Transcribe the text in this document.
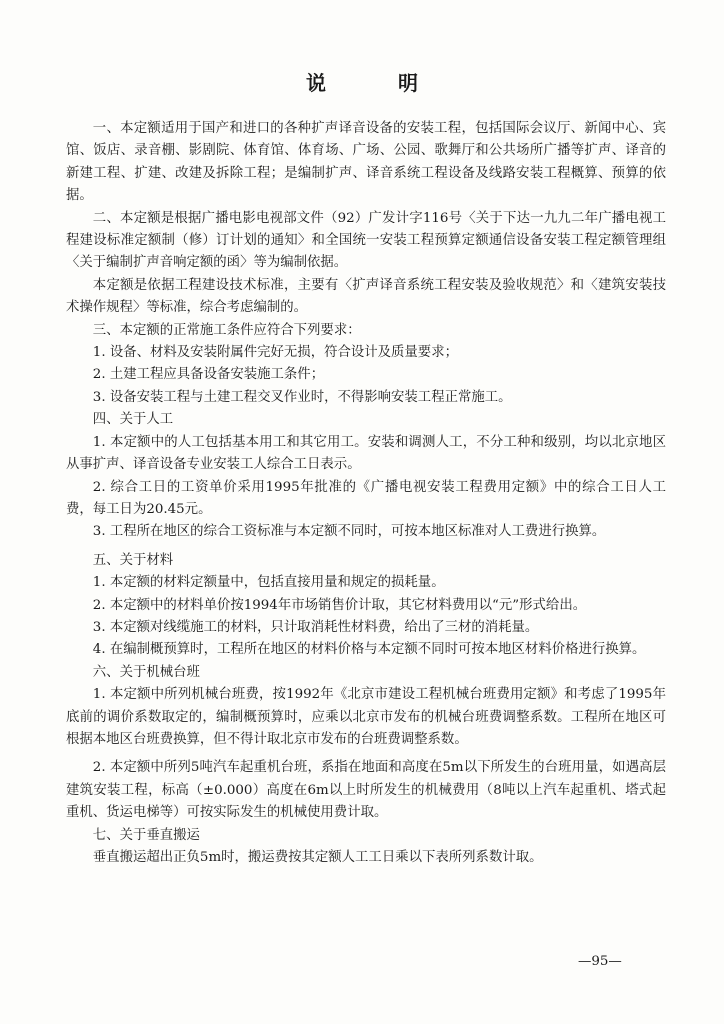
说　明

一、本定额适用于国产和进口的各种扩声译音设备的安装工程，包括国际会议厅、新闻中心、宾馆、饭店、录音棚、影剧院、体育馆、体育场、广场、公园、歌舞厅和公共场所广播等扩声、译音的新建工程、扩建、改建及拆除工程；是编制扩声、译音系统工程设备及线路安装工程概算、预算的依据。

二、本定额是根据广播电影电视部文件（92）广发计字116号〈关于下达一九九二年广播电视工程建设标准定额制（修）订计划的通知〉和全国统一安装工程预算定额通信设备安装工程定额管理组〈关于编制扩声音响定额的函〉等为编制依据。

本定额是依据工程建设技术标准，主要有〈扩声译音系统工程安装及验收规范〉和〈建筑安装技术操作规程〉等标准，综合考虑编制的。

三、本定额的正常施工条件应符合下列要求：

1. 设备、材料及安装附属件完好无损，符合设计及质量要求；

2. 土建工程应具备设备安装施工条件；

3. 设备安装工程与土建工程交叉作业时，不得影响安装工程正常施工。

四、关于人工

1. 本定额中的人工包括基本用工和其它用工。安装和调测人工，不分工种和级别，均以北京地区从事扩声、译音设备专业安装工人综合工日表示。

2. 综合工日的工资单价采用1995年批准的《广播电视安装工程费用定额》中的综合工日人工费，每工日为20.45元。

3. 工程所在地区的综合工资标准与本定额不同时，可按本地区标准对人工费进行换算。

五、关于材料

1. 本定额的材料定额量中，包括直接用量和规定的损耗量。

2. 本定额中的材料单价按1994年市场销售价计取，其它材料费用以“元”形式给出。

3. 本定额对线缆施工的材料，只计取消耗性材料费，给出了三材的消耗量。

4. 在编制概预算时，工程所在地区的材料价格与本定额不同时可按本地区材料价格进行换算。

六、关于机械台班

1. 本定额中所列机械台班费，按1992年《北京市建设工程机械台班费用定额》和考虑了1995年底前的调价系数取定的，编制概预算时，应乘以北京市发布的机械台班费调整系数。工程所在地区可根据本地区台班费换算，但不得计取北京市发布的台班费调整系数。

2. 本定额中所列5吨汽车起重机台班，系指在地面和高度在5m以下所发生的台班用量，如遇高层建筑安装工程，标高（±0.000）高度在6m以上时所发生的机械费用（8吨以上汽车起重机、塔式起重机、货运电梯等）可按实际发生的机械使用费计取。

七、关于垂直搬运

垂直搬运超出正负5m时，搬运费按其定额人工工日乘以下表所列系数计取。

—95—
